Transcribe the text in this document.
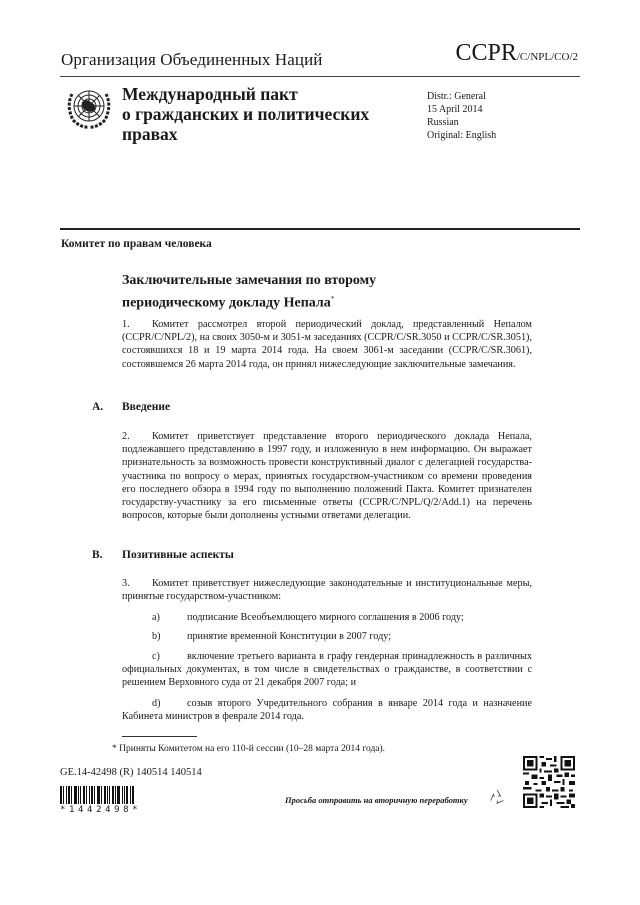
Организация Объединенных Наций	CCPR/C/NPL/CO/2
Международный пакт
о гражданских и политических
правах
Distr.: General
15 April 2014
Russian
Original: English
Комитет по правам человека
Заключительные замечания по второму
периодическому докладу Непала*
1. Комитет рассмотрел второй периодический доклад, представленный Непалом (CCPR/C/NPL/2), на своих 3050-м и 3051-м заседаниях (CCPR/C/SR.3050 и CCPR/C/SR.3051), состоявшихся 18 и 19 марта 2014 года. На своем 3061-м заседании (CCPR/C/SR.3061), состоявшемся 26 марта 2014 года, он принял нижеследующие заключительные замечания.
A. Введение
2. Комитет приветствует представление второго периодического доклада Непала, подлежавшего представлению в 1997 году, и изложенную в нем информацию. Он выражает признательность за возможность провести конструктивный диалог с делегацией государства-участника по вопросу о мерах, принятых государством-участником со времени проведения его последнего обзора в 1994 году по выполнению положений Пакта. Комитет признателен государству-участнику за его письменные ответы (CCPR/C/NPL/Q/2/Add.1) на перечень вопросов, которые были дополнены устными ответами делегации.
B. Позитивные аспекты
3. Комитет приветствует нижеследующие законодательные и институциональные меры, принятые государством-участником:
a)	подписание Всеобъемлющего мирного соглашения в 2006 году;
b)	принятие временной Конституции в 2007 году;
c)	включение третьего варианта в графу гендерная принадлежность в различных официальных документах, в том числе в свидетельствах о гражданстве, в соответствии с решением Верховного суда от 21 декабря 2007 года; и
d)	созыв второго Учредительного собрания в январе 2014 года и назначение Кабинета министров в феврале 2014 года.
* Приняты Комитетом на его 110-й сессии (10–28 марта 2014 года).
GE.14-42498 (R) 140514 140514
*1442498*
Просьба отправить на вторичную переработку
